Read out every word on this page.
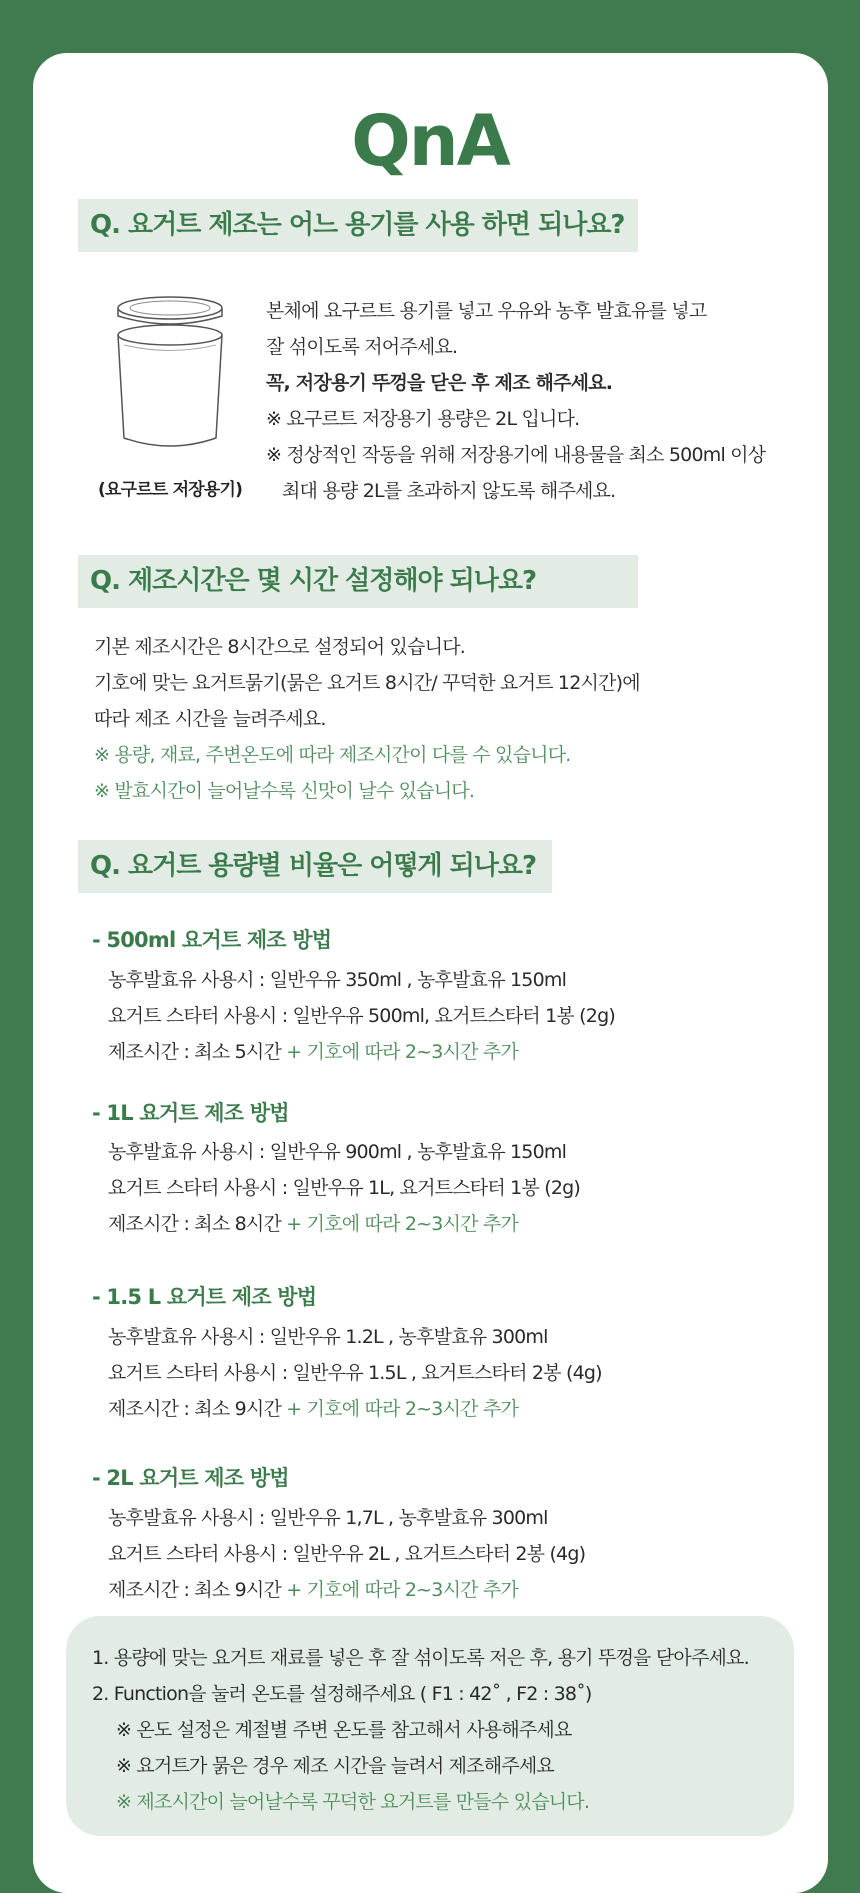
QnA
Q. 요거트 제조는 어느 용기를 사용 하면 되나요?
(요구르트 저장용기)
본체에 요구르트 용기를 넣고 우유와 농후 발효유를 넣고
잘 섞이도록 저어주세요.
꼭, 저장용기 뚜껑을 닫은 후 제조 해주세요.
※ 요구르트 저장용기 용량은 2L 입니다.
※ 정상적인 작동을 위해 저장용기에 내용물을 최소 500ml 이상
최대 용량 2L를 초과하지 않도록 해주세요.
Q. 제조시간은 몇 시간 설정해야 되나요?
기본 제조시간은 8시간으로 설정되어 있습니다.
기호에 맞는 요거트묽기(묽은 요거트 8시간/ 꾸덕한 요거트 12시간)에
따라 제조 시간을 늘려주세요.
※ 용량, 재료, 주변온도에 따라 제조시간이 다를 수 있습니다.
※ 발효시간이 늘어날수록 신맛이 날수 있습니다.
Q. 요거트 용량별 비율은 어떻게 되나요?
- 500ml 요거트 제조 방법
농후발효유 사용시 : 일반우유 350ml , 농후발효유 150ml
요거트 스타터 사용시 : 일반우유 500ml, 요거트스타터 1봉 (2g)
제조시간 : 최소 5시간 + 기호에 따라 2~3시간 추가
- 1L 요거트 제조 방법
농후발효유 사용시 : 일반우유 900ml , 농후발효유 150ml
요거트 스타터 사용시 : 일반우유 1L, 요거트스타터 1봉 (2g)
제조시간 : 최소 8시간 + 기호에 따라 2~3시간 추가
- 1.5 L 요거트 제조 방법
농후발효유 사용시 : 일반우유 1.2L , 농후발효유 300ml
요거트 스타터 사용시 : 일반우유 1.5L , 요거트스타터 2봉 (4g)
제조시간 : 최소 9시간 + 기호에 따라 2~3시간 추가
- 2L 요거트 제조 방법
농후발효유 사용시 : 일반우유 1,7L , 농후발효유 300ml
요거트 스타터 사용시 : 일반우유 2L , 요거트스타터 2봉 (4g)
제조시간 : 최소 9시간 + 기호에 따라 2~3시간 추가
1. 용량에 맞는 요거트 재료를 넣은 후 잘 섞이도록 저은 후, 용기 뚜껑을 닫아주세요.
2. Function을 눌러 온도를 설정해주세요 ( F1 : 42˚ , F2 : 38˚)
※ 온도 설정은 계절별 주변 온도를 참고해서 사용해주세요
※ 요거트가 묽은 경우 제조 시간을 늘려서 제조해주세요
※ 제조시간이 늘어날수록 꾸덕한 요거트를 만들수 있습니다.
